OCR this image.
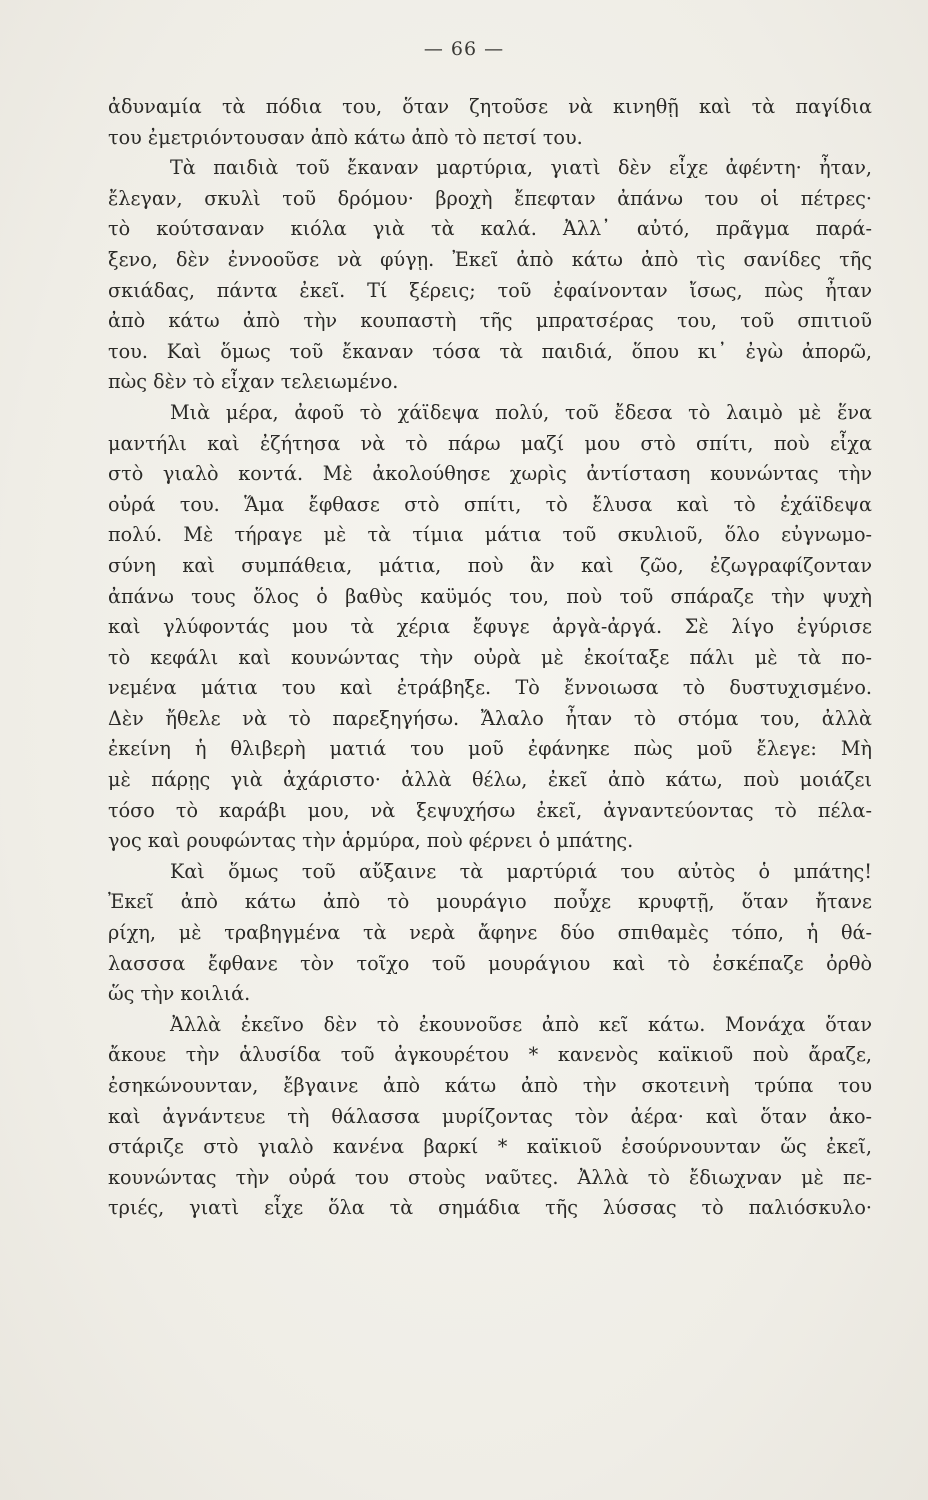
— 66 —
ἀδυναμία τὰ πόδια του, ὅταν ζητοῦσε νὰ κινηθῇ καὶ τὰ παγίδια
του ἐμετριόντουσαν ἀπὸ κάτω ἀπὸ τὸ πετσί του.
Τὰ παιδιὰ τοῦ ἔκαναν μαρτύρια, γιατὶ δὲν εἶχε ἀφέντη· ἦταν,
ἔλεγαν, σκυλὶ τοῦ δρόμου· βροχὴ ἔπεφταν ἀπάνω του οἱ πέτρες·
τὸ κούτσαναν κιόλα γιὰ τὰ καλά. Ἀλλ᾿ αὐτό, πρᾶγμα παρά-
ξενο, δὲν ἐννοοῦσε νὰ φύγῃ. Ἐκεῖ ἀπὸ κάτω ἀπὸ τὶς σανίδες τῆς
σκιάδας, πάντα ἐκεῖ. Τί ξέρεις; τοῦ ἐφαίνονταν ἴσως, πὼς ἦταν
ἀπὸ κάτω ἀπὸ τὴν κουπαστὴ τῆς μπρατσέρας του, τοῦ σπιτιοῦ
του. Καὶ ὅμως τοῦ ἔκαναν τόσα τὰ παιδιά, ὅπου κι᾿ ἐγὼ ἀπορῶ,
πὼς δὲν τὸ εἶχαν τελειωμένο.
Μιὰ μέρα, ἀφοῦ τὸ χάϊδεψα πολύ, τοῦ ἔδεσα τὸ λαιμὸ μὲ ἕνα
μαντήλι καὶ ἐζήτησα νὰ τὸ πάρω μαζί μου στὸ σπίτι, ποὺ εἶχα
στὸ γιαλὸ κοντά. Μὲ ἀκολούθησε χωρὶς ἀντίσταση κουνώντας τὴν
οὐρά του. Ἅμα ἔφθασε στὸ σπίτι, τὸ ἔλυσα καὶ τὸ ἐχάϊδεψα
πολύ. Μὲ τήραγε μὲ τὰ τίμια μάτια τοῦ σκυλιοῦ, ὅλο εὐγνωμο-
σύνη καὶ συμπάθεια, μάτια, ποὺ ἂν καὶ ζῶο, ἐζωγραφίζονταν
ἀπάνω τους ὅλος ὁ βαθὺς καϋμός του, ποὺ τοῦ σπάραζε τὴν ψυχὴ
καὶ γλύφοντάς μου τὰ χέρια ἔφυγε ἀργὰ-ἀργά. Σὲ λίγο ἐγύρισε
τὸ κεφάλι καὶ κουνώντας τὴν οὐρὰ μὲ ἐκοίταξε πάλι μὲ τὰ πο-
νεμένα μάτια του καὶ ἐτράβηξε. Τὸ ἔννοιωσα τὸ δυστυχισμένο.
Δὲν ἤθελε νὰ τὸ παρεξηγήσω. Ἄλαλο ἦταν τὸ στόμα του, ἀλλὰ
ἐκείνη ἡ θλιβερὴ ματιά του μοῦ ἐφάνηκε πὼς μοῦ ἔλεγε: Μὴ
μὲ πάρῃς γιὰ ἀχάριστο· ἀλλὰ θέλω, ἐκεῖ ἀπὸ κάτω, ποὺ μοιάζει
τόσο τὸ καράβι μου, νὰ ξεψυχήσω ἐκεῖ, ἀγναντεύοντας τὸ πέλα-
γος καὶ ρουφώντας τὴν ἁρμύρα, ποὺ φέρνει ὁ μπάτης.
Καὶ ὅμως τοῦ αὔξαινε τὰ μαρτύριά του αὐτὸς ὁ μπάτης!
Ἐκεῖ ἀπὸ κάτω ἀπὸ τὸ μουράγιο ποὖχε κρυφτῇ, ὅταν ἤτανε
ρίχη, μὲ τραβηγμένα τὰ νερὰ ἄφηνε δύο σπιθαμὲς τόπο, ἡ θά-
λασσσα ἔφθανε τὸν τοῖχο τοῦ μουράγιου καὶ τὸ ἐσκέπαζε ὀρθὸ
ὥς τὴν κοιλιά.
Ἀλλὰ ἐκεῖνο δὲν τὸ ἐκουνοῦσε ἀπὸ κεῖ κάτω. Μονάχα ὅταν
ἄκουε τὴν ἁλυσίδα τοῦ ἀγκουρέτου * κανενὸς καϊκιοῦ ποὺ ἄραζε,
ἐσηκώνουνταν, ἔβγαινε ἀπὸ κάτω ἀπὸ τὴν σκοτεινὴ τρύπα του
καὶ ἀγνάντευε τὴ θάλασσα μυρίζοντας τὸν ἀέρα· καὶ ὅταν ἀκο-
στάριζε στὸ γιαλὸ κανένα βαρκί * καϊκιοῦ ἐσούρνουνταν ὥς ἐκεῖ,
κουνώντας τὴν οὐρά του στοὺς ναῦτες. Ἀλλὰ τὸ ἔδιωχναν μὲ πε-
τριές, γιατὶ εἶχε ὅλα τὰ σημάδια τῆς λύσσας τὸ παλιόσκυλο·
